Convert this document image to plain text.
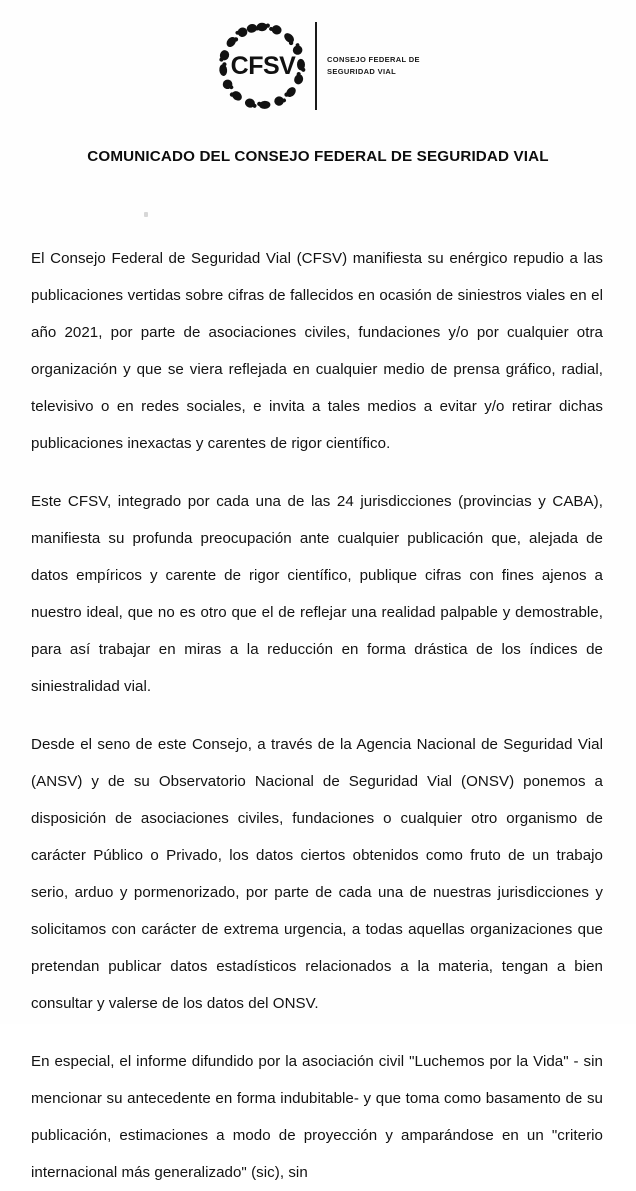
CFSV	CONSEJO FEDERAL DE SEGURIDAD VIAL
COMUNICADO DEL CONSEJO FEDERAL DE SEGURIDAD VIAL

El Consejo Federal de Seguridad Vial (CFSV) manifiesta su enérgico repudio a las publicaciones vertidas sobre cifras de fallecidos en ocasión de siniestros viales en el año 2021, por parte de asociaciones civiles, fundaciones y/o por cualquier otra organización y que se viera reflejada en cualquier medio de prensa gráfico, radial, televisivo o en redes sociales, e invita a tales medios a evitar y/o retirar dichas publicaciones inexactas y carentes de rigor científico.

Este CFSV, integrado por cada una de las 24 jurisdicciones (provincias y CABA), manifiesta su profunda preocupación ante cualquier publicación que, alejada de datos empíricos y carente de rigor científico, publique cifras con fines ajenos a nuestro ideal, que no es otro que el de reflejar una realidad palpable y demostrable, para así trabajar en miras a la reducción en forma drástica de los índices de siniestralidad vial.

Desde el seno de este Consejo, a través de la Agencia Nacional de Seguridad Vial (ANSV) y de su Observatorio Nacional de Seguridad Vial (ONSV) ponemos a disposición de asociaciones civiles, fundaciones o cualquier otro organismo de carácter Público o Privado, los datos ciertos obtenidos como fruto de un trabajo serio, arduo y pormenorizado, por parte de cada una de nuestras jurisdicciones y solicitamos con carácter de extrema urgencia, a todas aquellas organizaciones que pretendan publicar datos estadísticos relacionados a la materia, tengan a bien consultar y valerse de los datos del ONSV.

En especial, el informe difundido por la asociación civil "Luchemos por la Vida" - sin mencionar su antecedente en forma indubitable- y que toma como basamento de su publicación, estimaciones a modo de proyección y amparándose en un "criterio internacional más generalizado" (sic), sin
